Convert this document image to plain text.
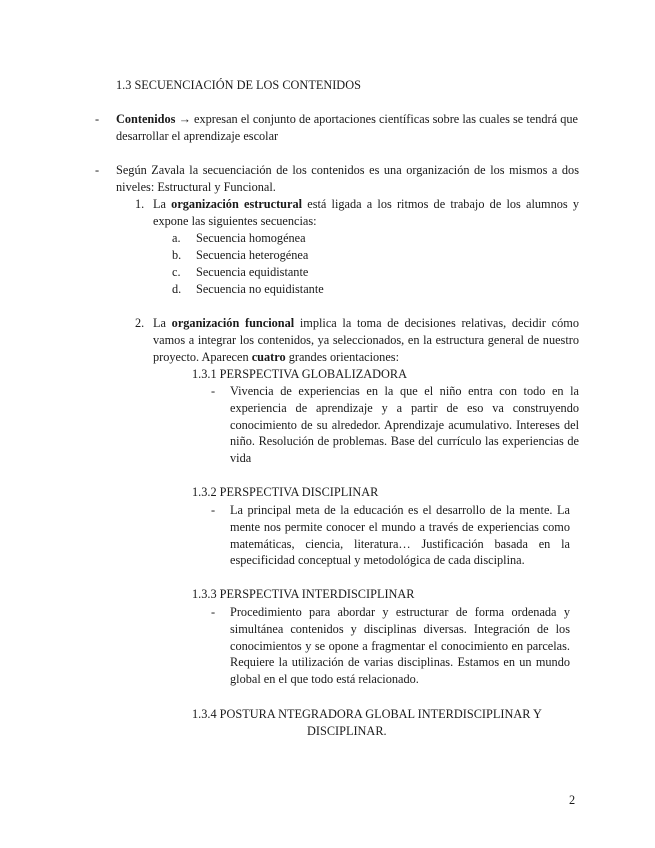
1.3 SECUENCIACIÓN DE LOS CONTENIDOS
- Contenidos → expresan el conjunto de aportaciones científicas sobre las cuales se tendrá que desarrollar el aprendizaje escolar
- Según Zavala la secuenciación de los contenidos es una organización de los mismos a dos niveles: Estructural y Funcional.
1. La organización estructural está ligada a los ritmos de trabajo de los alumnos y expone las siguientes secuencias:
a. Secuencia homogénea
b. Secuencia heterogénea
c. Secuencia equidistante
d. Secuencia no equidistante
2. La organización funcional implica la toma de decisiones relativas, decidir cómo vamos a integrar los contenidos, ya seleccionados, en la estructura general de nuestro proyecto. Aparecen cuatro grandes orientaciones:
1.3.1 PERSPECTIVA GLOBALIZADORA
- Vivencia de experiencias en la que el niño entra con todo en la experiencia de aprendizaje y a partir de eso va construyendo conocimiento de su alrededor. Aprendizaje acumulativo. Intereses del niño. Resolución de problemas. Base del currículo las experiencias de vida
1.3.2 PERSPECTIVA DISCIPLINAR
- La principal meta de la educación es el desarrollo de la mente. La mente nos permite conocer el mundo a través de experiencias como matemáticas, ciencia, literatura… Justificación basada en la especificidad conceptual y metodológica de cada disciplina.
1.3.3 PERSPECTIVA INTERDISCIPLINAR
- Procedimiento para abordar y estructurar de forma ordenada y simultánea contenidos y disciplinas diversas. Integración de los conocimientos y se opone a fragmentar el conocimiento en parcelas. Requiere la utilización de varias disciplinas. Estamos en un mundo global en el que todo está relacionado.
1.3.4 POSTURA NTEGRADORA GLOBAL INTERDISCIPLINAR Y
DISCIPLINAR.
2
